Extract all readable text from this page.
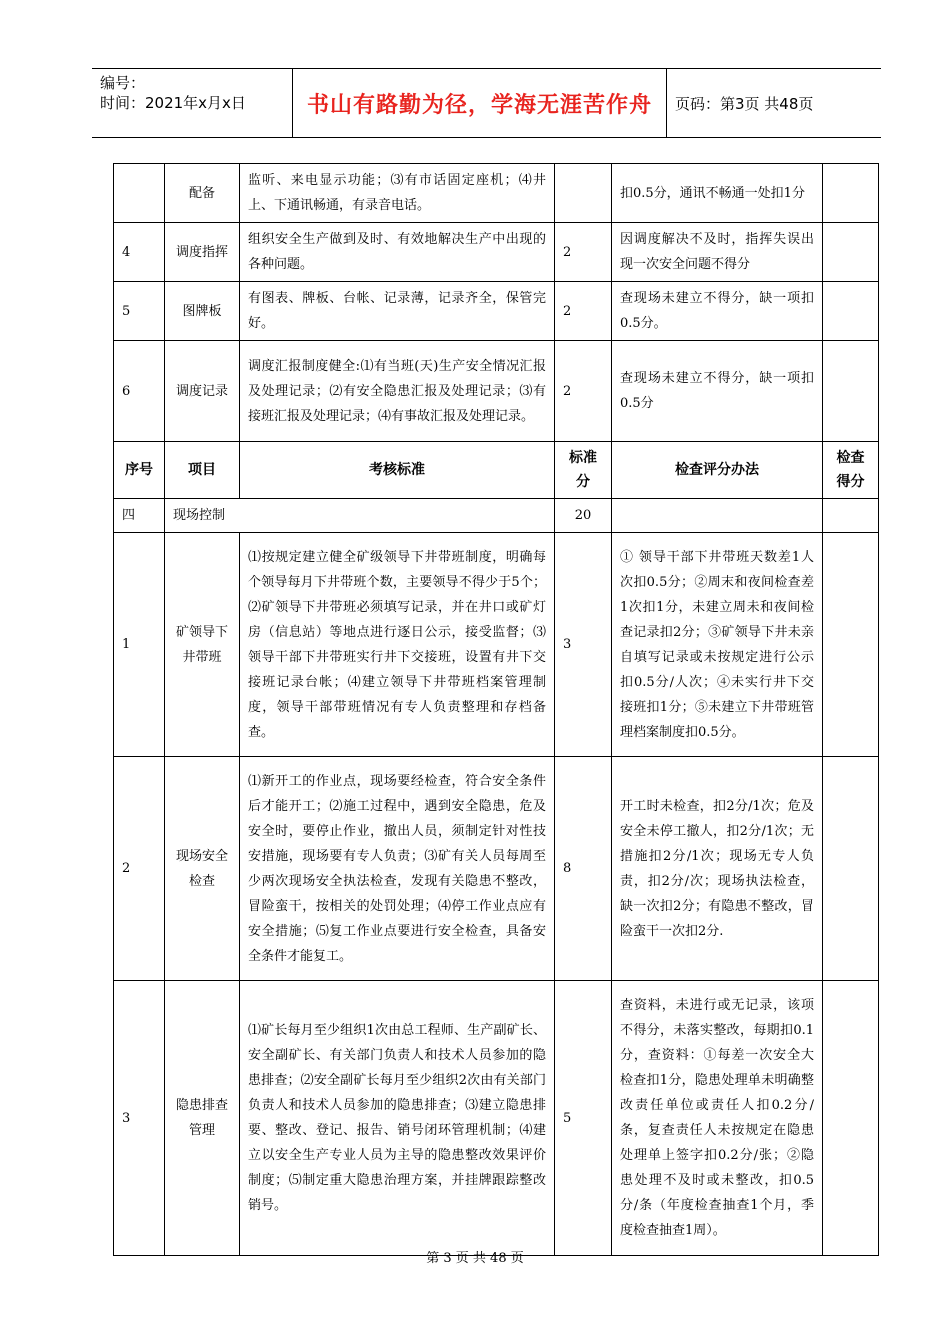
编号：
时间：2021年x月x日	书山有路勤为径，学海无涯苦作舟	页码：第3页 共48页
	配备	监听、来电显示功能；⑶有市话固定座机；⑷井上、下通讯畅通，有录音电话。		扣0.5分，通讯不畅通一处扣1分	
4	调度指挥	组织安全生产做到及时、有效地解决生产中出现的各种问题。	2	因调度解决不及时，指挥失误出现一次安全问题不得分	
5	图牌板	有图表、牌板、台帐、记录薄，记录齐全，保管完好。	2	查现场未建立不得分，缺一项扣0.5分。	
6	调度记录	调度汇报制度健全:⑴有当班(天)生产安全情况汇报及处理记录；⑵有安全隐患汇报及处理记录；⑶有接班汇报及处理记录；⑷有事故汇报及处理记录。	2	查现场未建立不得分，缺一项扣0.5分	
序号	项目	考核标准	标准分	检查评分办法	检查得分
四	现场控制		20		
1	矿领导下井带班	⑴按规定建立健全矿级领导下井带班制度，明确每个领导每月下井带班个数，主要领导不得少于5个；⑵矿领导下井带班必须填写记录，并在井口或矿灯房（信息站）等地点进行逐日公示，接受监督；⑶领导干部下井带班实行井下交接班，设置有井下交接班记录台帐；⑷建立领导下井带班档案管理制度，领导干部带班情况有专人负责整理和存档备查。	3	① 领导干部下井带班天数差1人次扣0.5分；②周末和夜间检查差1次扣1分，未建立周未和夜间检查记录扣2分；③矿领导下井未亲自填写记录或未按规定进行公示扣0.5分/人次；④未实行井下交接班扣1分；⑤未建立下井带班管理档案制度扣0.5分。	
2	现场安全检查	⑴新开工的作业点，现场要经检查，符合安全条件后才能开工；⑵施工过程中，遇到安全隐患，危及安全时，要停止作业，撤出人员，须制定针对性技安措施，现场要有专人负责；⑶矿有关人员每周至少两次现场安全执法检查，发现有关隐患不整改，冒险蛮干，按相关的处罚处理；⑷停工作业点应有安全措施；⑸复工作业点要进行安全检查，具备安全条件才能复工。	8	开工时未检查，扣2分/1次；危及安全未停工撤人，扣2分/1次；无措施扣2分/1次；现场无专人负责，扣2分/次；现场执法检查，缺一次扣2分；有隐患不整改，冒险蛮干一次扣2分.	
3	隐患排查管理	⑴矿长每月至少组织1次由总工程师、生产副矿长、安全副矿长、有关部门负责人和技术人员参加的隐患排查；⑵安全副矿长每月至少组织2次由有关部门负责人和技术人员参加的隐患排查；⑶建立隐患排要、整改、登记、报告、销号闭环管理机制；⑷建立以安全生产专业人员为主导的隐患整改效果评价制度；⑸制定重大隐患治理方案，并挂牌跟踪整改销号。	5	查资料，未进行或无记录，该项不得分，未落实整改，每期扣0.1分，查资料：①每差一次安全大检查扣1分，隐患处理单未明确整改责任单位或责任人扣0.2分/条，复查责任人未按规定在隐患处理单上签字扣0.2分/张；②隐患处理不及时或未整改，扣0.5分/条（年度检查抽查1个月，季度检查抽查1周）。	
第 3 页 共 48 页
